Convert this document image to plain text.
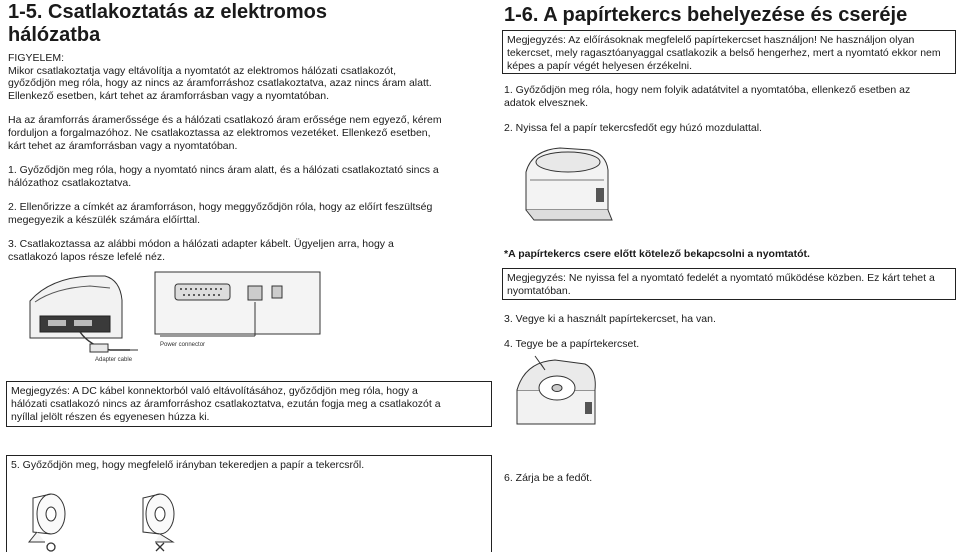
1-5. Csatlakoztatás az elektromos
hálózatba
FIGYELEM:
Mikor csatlakoztatja vagy eltávolítja a nyomtatót az elektromos hálózati csatlakozót,
győződjön meg róla, hogy az nincs az áramforráshoz csatlakoztatva, azaz nincs áram alatt.
Ellenkező esetben, kárt tehet az áramforrásban vagy a nyomtatóban.
Ha az áramforrás áramerőssége és a hálózati csatlakozó áram erőssége nem egyező, kérem
forduljon a forgalmazóhoz. Ne csatlakoztassa az elektromos vezetéket. Ellenkező esetben,
kárt tehet az áramforrásban vagy a nyomtatóban.
1. Győződjön meg róla, hogy a nyomtató nincs áram alatt, és a hálózati csatlakoztató sincs a
hálózathoz csatlakoztatva.
2. Ellenőrizze a címkét az áramforráson, hogy meggyőződjön róla, hogy az előírt feszültség
megegyezik a készülék számára előírttal.
3. Csatlakoztassa az alábbi módon a hálózati adapter kábelt. Ügyeljen arra, hogy a
csatlakozó lapos része lefelé néz.
Power connector
Adapter cable
1-6. A papírtekercs behelyezése és cseréje
Megjegyzés: Az előírásoknak megfelelő papírtekercset használjon! Ne használjon olyan
tekercset, mely ragasztóanyaggal csatlakozik a belső hengerhez, mert a nyomtató ekkor nem
képes a papír végét helyesen érzékelni.
1. Győződjön meg róla, hogy nem folyik adatátvitel a nyomtatóba, ellenkező esetben az
adatok elvesznek.
2. Nyissa fel a papír tekercsfedőt egy húzó mozdulattal.
*A papírtekercs csere előtt kötelező bekapcsolni a nyomtatót.
Megjegyzés: Ne nyissa fel a nyomtató fedelét a nyomtató működése közben. Ez kárt tehet a
nyomtatóban.
3. Vegye ki a használt papírtekercset, ha van.
4. Tegye be a papírtekercset.
Megjegyzés: A DC kábel konnektorból való eltávolításához, győződjön meg róla, hogy a
hálózati csatlakozó nincs az áramforráshoz csatlakoztatva, ezután fogja meg a csatlakozót a
nyíllal jelölt részen és egyenesen húzza ki.
5. Győződjön meg, hogy megfelelő irányban tekeredjen a papír a tekercsről.
6. Zárja be a fedőt.
